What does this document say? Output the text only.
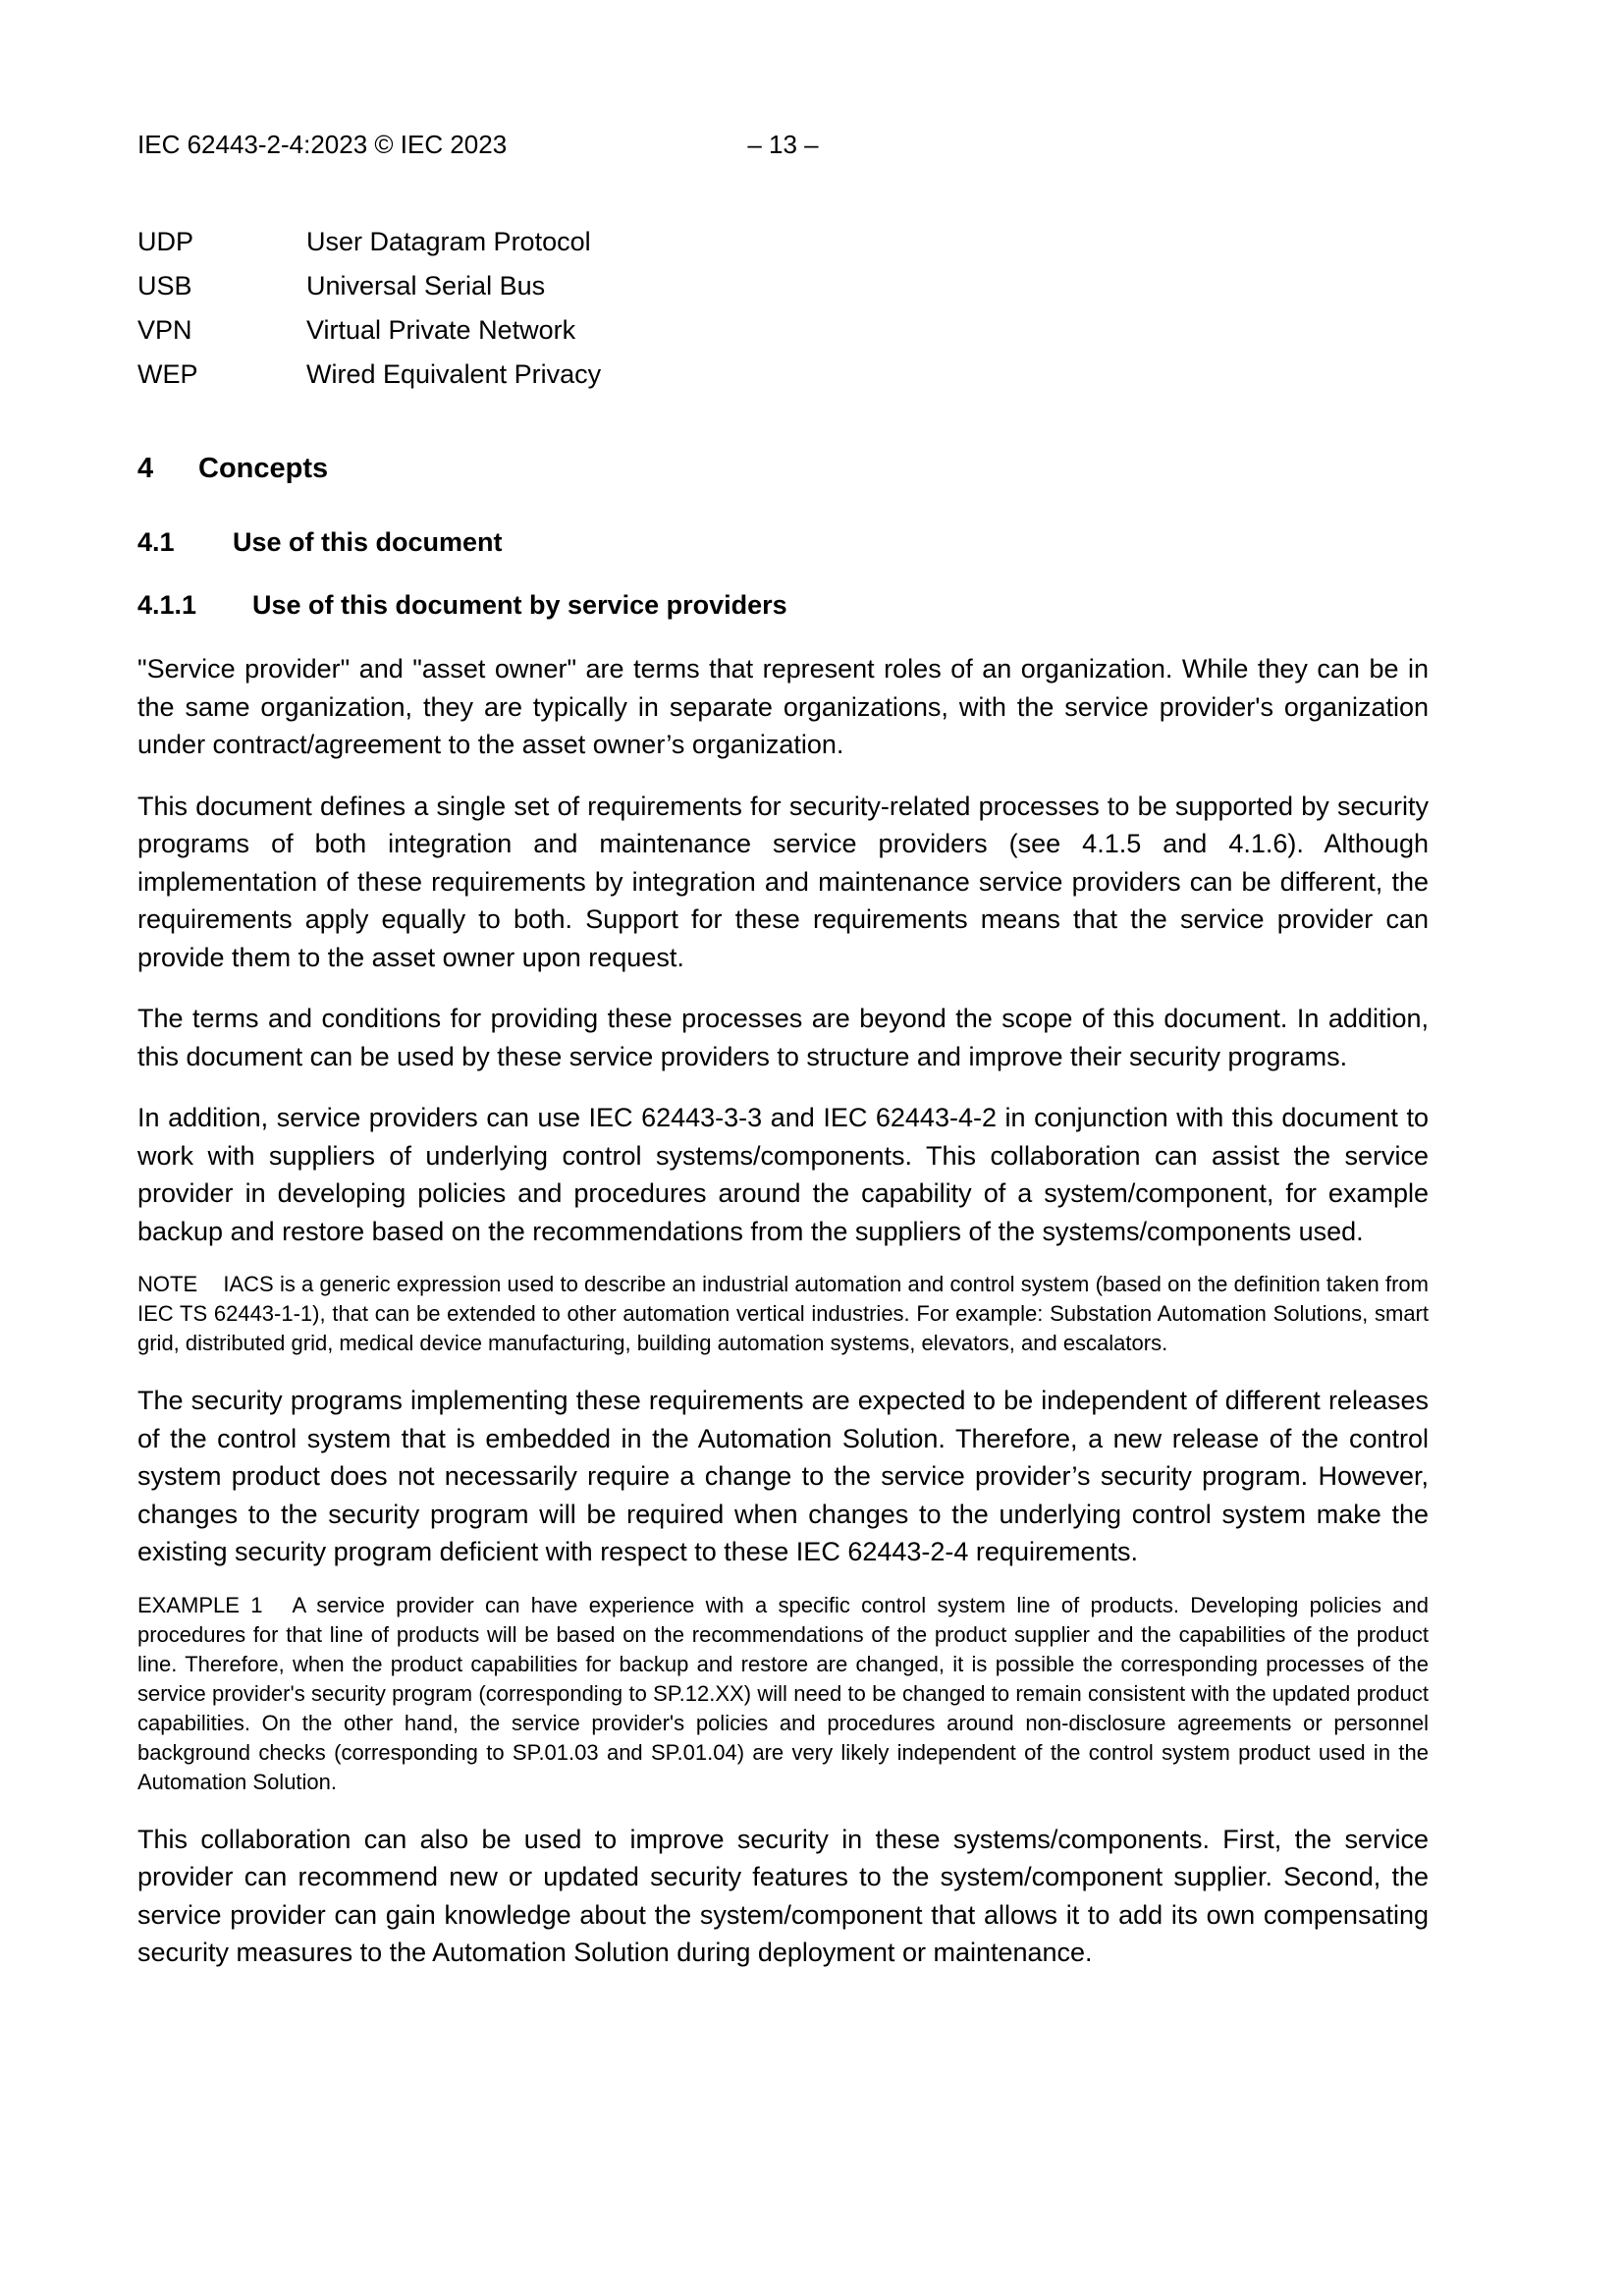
IEC 62443-2-4:2023 © IEC 2023	– 13 –
UDP	User Datagram Protocol
USB	Universal Serial Bus
VPN	Virtual Private Network
WEP	Wired Equivalent Privacy
4	Concepts
4.1	Use of this document
4.1.1	Use of this document by service providers

"Service provider" and "asset owner" are terms that represent roles of an organization. While they can be in the same organization, they are typically in separate organizations, with the service provider's organization under contract/agreement to the asset owner’s organization.

This document defines a single set of requirements for security-related processes to be supported by security programs of both integration and maintenance service providers (see 4.1.5 and 4.1.6). Although implementation of these requirements by integration and maintenance service providers can be different, the requirements apply equally to both. Support for these requirements means that the service provider can provide them to the asset owner upon request.

The terms and conditions for providing these processes are beyond the scope of this document. In addition, this document can be used by these service providers to structure and improve their security programs.

In addition, service providers can use IEC 62443-3-3 and IEC 62443-4-2 in conjunction with this document to work with suppliers of underlying control systems/components. This collaboration can assist the service provider in developing policies and procedures around the capability of a system/component, for example backup and restore based on the recommendations from the suppliers of the systems/components used.

NOTE IACS is a generic expression used to describe an industrial automation and control system (based on the definition taken from IEC TS 62443-1-1), that can be extended to other automation vertical industries. For example: Substation Automation Solutions, smart grid, distributed grid, medical device manufacturing, building automation systems, elevators, and escalators.

The security programs implementing these requirements are expected to be independent of different releases of the control system that is embedded in the Automation Solution. Therefore, a new release of the control system product does not necessarily require a change to the service provider’s security program. However, changes to the security program will be required when changes to the underlying control system make the existing security program deficient with respect to these IEC 62443-2-4 requirements.

EXAMPLE 1 A service provider can have experience with a specific control system line of products. Developing policies and procedures for that line of products will be based on the recommendations of the product supplier and the capabilities of the product line. Therefore, when the product capabilities for backup and restore are changed, it is possible the corresponding processes of the service provider's security program (corresponding to SP.12.XX) will need to be changed to remain consistent with the updated product capabilities. On the other hand, the service provider's policies and procedures around non-disclosure agreements or personnel background checks (corresponding to SP.01.03 and SP.01.04) are very likely independent of the control system product used in the Automation Solution.

This collaboration can also be used to improve security in these systems/components. First, the service provider can recommend new or updated security features to the system/component supplier. Second, the service provider can gain knowledge about the system/component that allows it to add its own compensating security measures to the Automation Solution during deployment or maintenance.
